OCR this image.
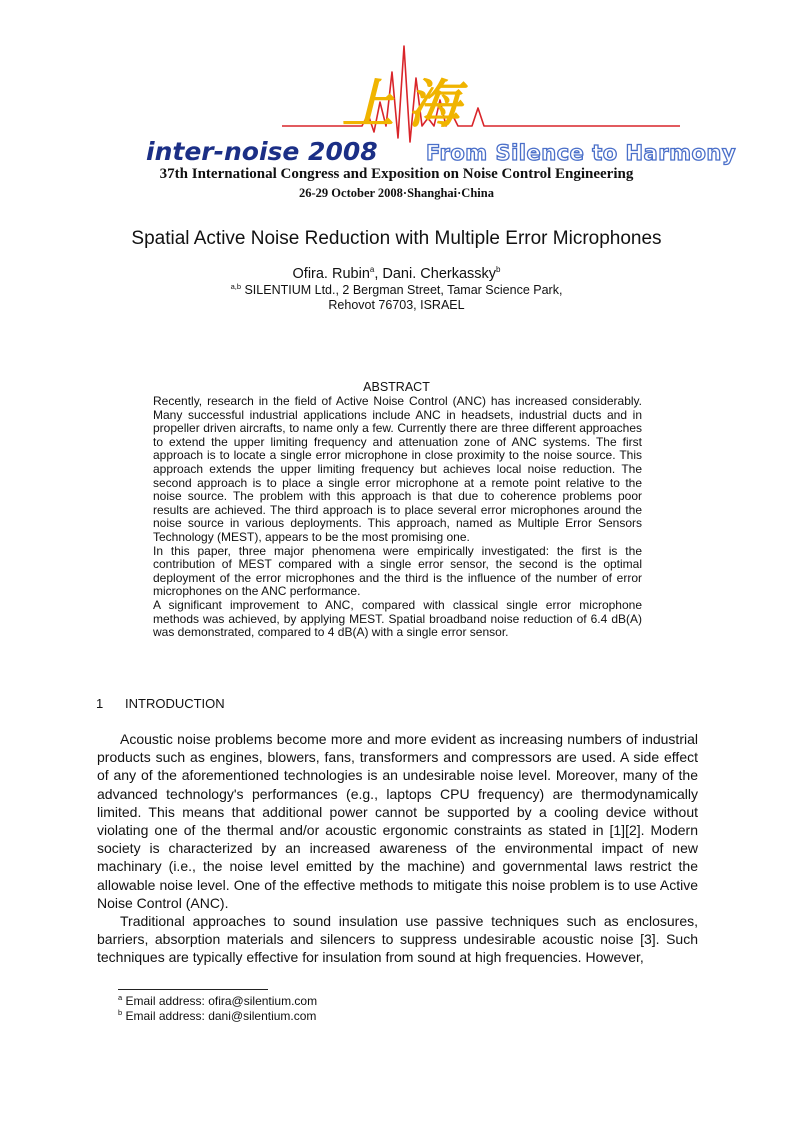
上海
inter-noise 2008 From Silence to Harmony
37th International Congress and Exposition on Noise Control Engineering
26-29 October 2008·Shanghai·China
Spatial Active Noise Reduction with Multiple Error Microphones
Ofira. Rubin$^a$, Dani. Cherkassky$^b$
$^{a,b}$ SILENTIUM Ltd., 2 Bergman Street, Tamar Science Park,
Rehovot 76703, ISRAEL
ABSTRACT

Recently, research in the field of Active Noise Control (ANC) has increased considerably. Many successful industrial applications include ANC in headsets, industrial ducts and in propeller driven aircrafts, to name only a few. Currently there are three different approaches to extend the upper limiting frequency and attenuation zone of ANC systems. The first approach is to locate a single error microphone in close proximity to the noise source. This approach extends the upper limiting frequency but achieves local noise reduction. The second approach is to place a single error microphone at a remote point relative to the noise source. The problem with this approach is that due to coherence problems poor results are achieved. The third approach is to place several error microphones around the noise source in various deployments. This approach, named as Multiple Error Sensors Technology (MEST), appears to be the most promising one.

In this paper, three major phenomena were empirically investigated: the first is the contribution of MEST compared with a single error sensor, the second is the optimal deployment of the error microphones and the third is the influence of the number of error microphones on the ANC performance.

A significant improvement to ANC, compared with classical single error microphone methods was achieved, by applying MEST. Spatial broadband noise reduction of 6.4 dB(A) was demonstrated, compared to 4 dB(A) with a single error sensor.

1 INTRODUCTION

Acoustic noise problems become more and more evident as increasing numbers of industrial products such as engines, blowers, fans, transformers and compressors are used. A side effect of any of the aforementioned technologies is an undesirable noise level. Moreover, many of the advanced technology's performances (e.g., laptops CPU frequency) are thermodynamically limited. This means that additional power cannot be supported by a cooling device without violating one of the thermal and/or acoustic ergonomic constraints as stated in [1][2]. Modern society is characterized by an increased awareness of the environmental impact of new machinary (i.e., the noise level emitted by the machine) and governmental laws restrict the allowable noise level. One of the effective methods to mitigate this noise problem is to use Active Noise Control (ANC).

Traditional approaches to sound insulation use passive techniques such as enclosures, barriers, absorption materials and silencers to suppress undesirable acoustic noise [3]. Such techniques are typically effective for insulation from sound at high frequencies. However,

$^a$ Email address: ofira@silentium.com
$^b$ Email address: dani@silentium.com
